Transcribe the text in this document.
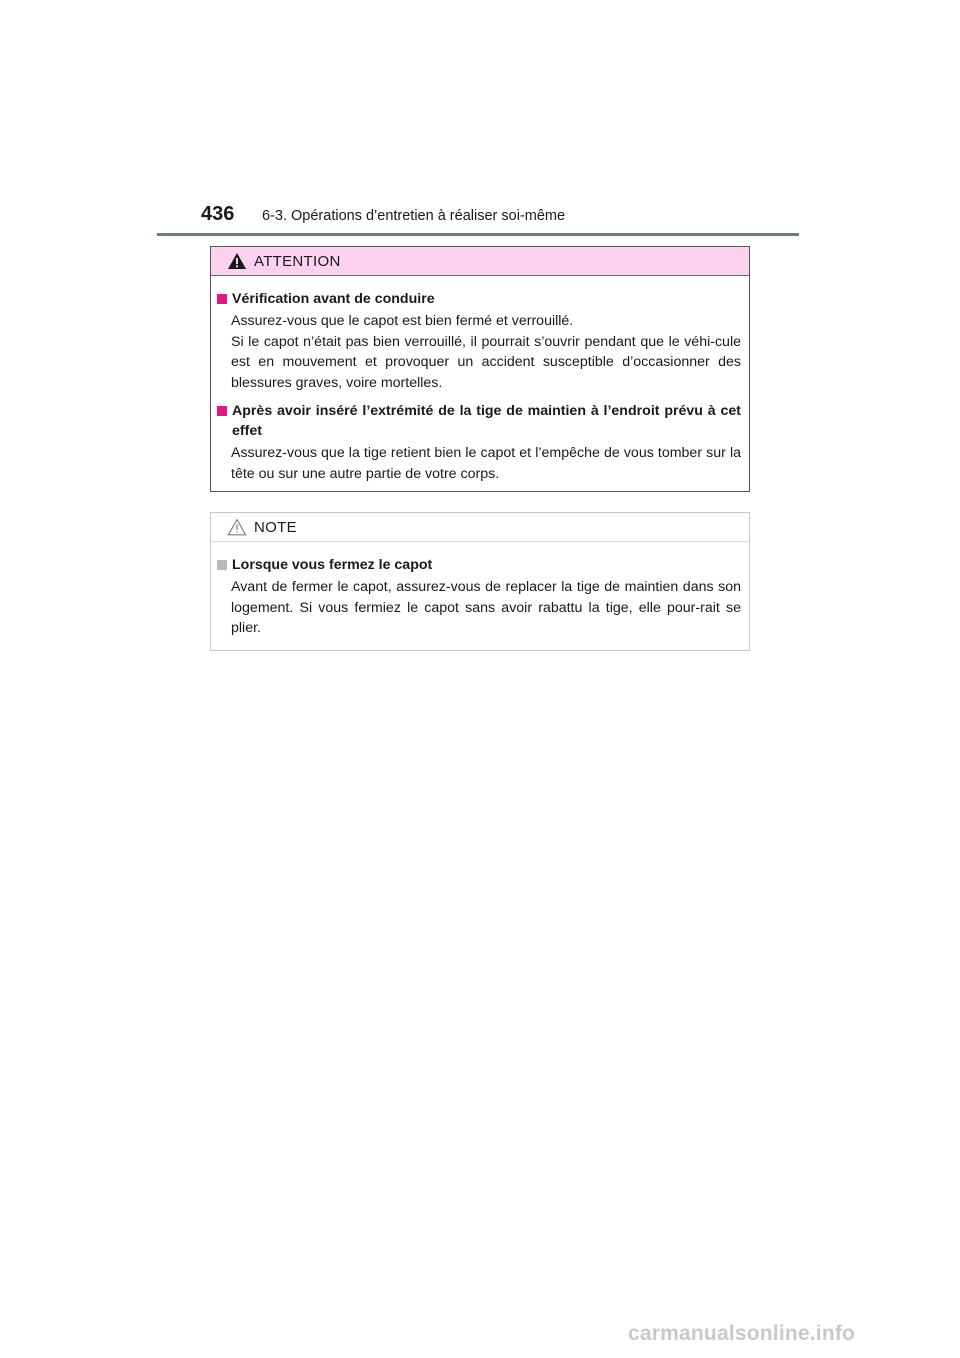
436 6-3. Opérations d’entretien à réaliser soi-même
ATTENTION
Vérification avant de conduire

Assurez-vous que le capot est bien fermé et verrouillé.

Si le capot n’était pas bien verrouillé, il pourrait s’ouvrir pendant que le véhi-cule est en mouvement et provoquer un accident susceptible d’occasionner des blessures graves, voire mortelles.

Après avoir inséré l’extrémité de la tige de maintien à l’endroit prévu à cet effet

Assurez-vous que la tige retient bien le capot et l’empêche de vous tomber sur la tête ou sur une autre partie de votre corps.

NOTE
Lorsque vous fermez le capot

Avant de fermer le capot, assurez-vous de replacer la tige de maintien dans son logement. Si vous fermiez le capot sans avoir rabattu la tige, elle pour-rait se plier.

carmanualsonline.info
